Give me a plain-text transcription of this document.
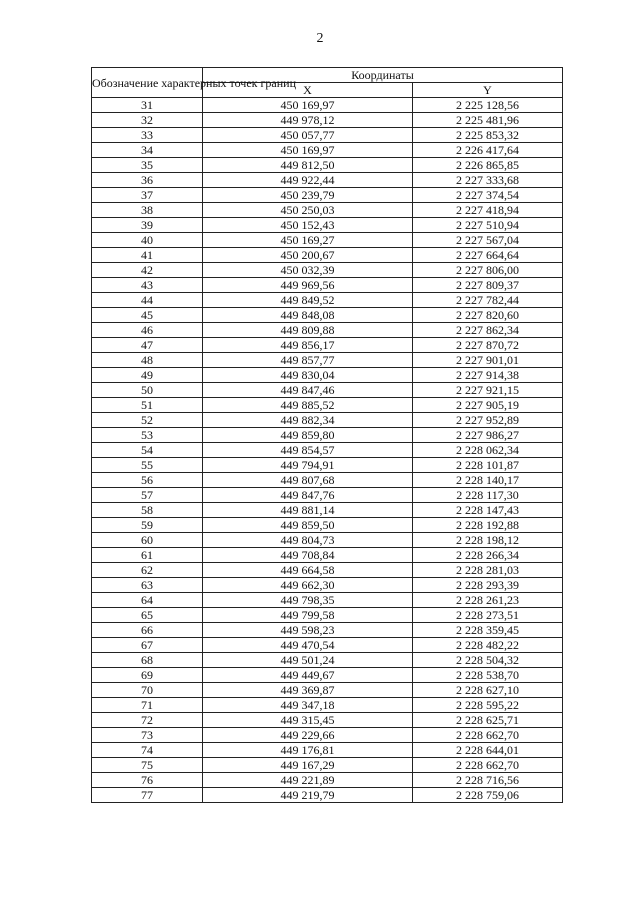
2
Обозначение характерных точек границ	Координаты	
	X	Y
31	450 169,97	2 225 128,56
32	449 978,12	2 225 481,96
33	450 057,77	2 225 853,32
34	450 169,97	2 226 417,64
35	449 812,50	2 226 865,85
36	449 922,44	2 227 333,68
37	450 239,79	2 227 374,54
38	450 250,03	2 227 418,94
39	450 152,43	2 227 510,94
40	450 169,27	2 227 567,04
41	450 200,67	2 227 664,64
42	450 032,39	2 227 806,00
43	449 969,56	2 227 809,37
44	449 849,52	2 227 782,44
45	449 848,08	2 227 820,60
46	449 809,88	2 227 862,34
47	449 856,17	2 227 870,72
48	449 857,77	2 227 901,01
49	449 830,04	2 227 914,38
50	449 847,46	2 227 921,15
51	449 885,52	2 227 905,19
52	449 882,34	2 227 952,89
53	449 859,80	2 227 986,27
54	449 854,57	2 228 062,34
55	449 794,91	2 228 101,87
56	449 807,68	2 228 140,17
57	449 847,76	2 228 117,30
58	449 881,14	2 228 147,43
59	449 859,50	2 228 192,88
60	449 804,73	2 228 198,12
61	449 708,84	2 228 266,34
62	449 664,58	2 228 281,03
63	449 662,30	2 228 293,39
64	449 798,35	2 228 261,23
65	449 799,58	2 228 273,51
66	449 598,23	2 228 359,45
67	449 470,54	2 228 482,22
68	449 501,24	2 228 504,32
69	449 449,67	2 228 538,70
70	449 369,87	2 228 627,10
71	449 347,18	2 228 595,22
72	449 315,45	2 228 625,71
73	449 229,66	2 228 662,70
74	449 176,81	2 228 644,01
75	449 167,29	2 228 662,70
76	449 221,89	2 228 716,56
77	449 219,79	2 228 759,06
